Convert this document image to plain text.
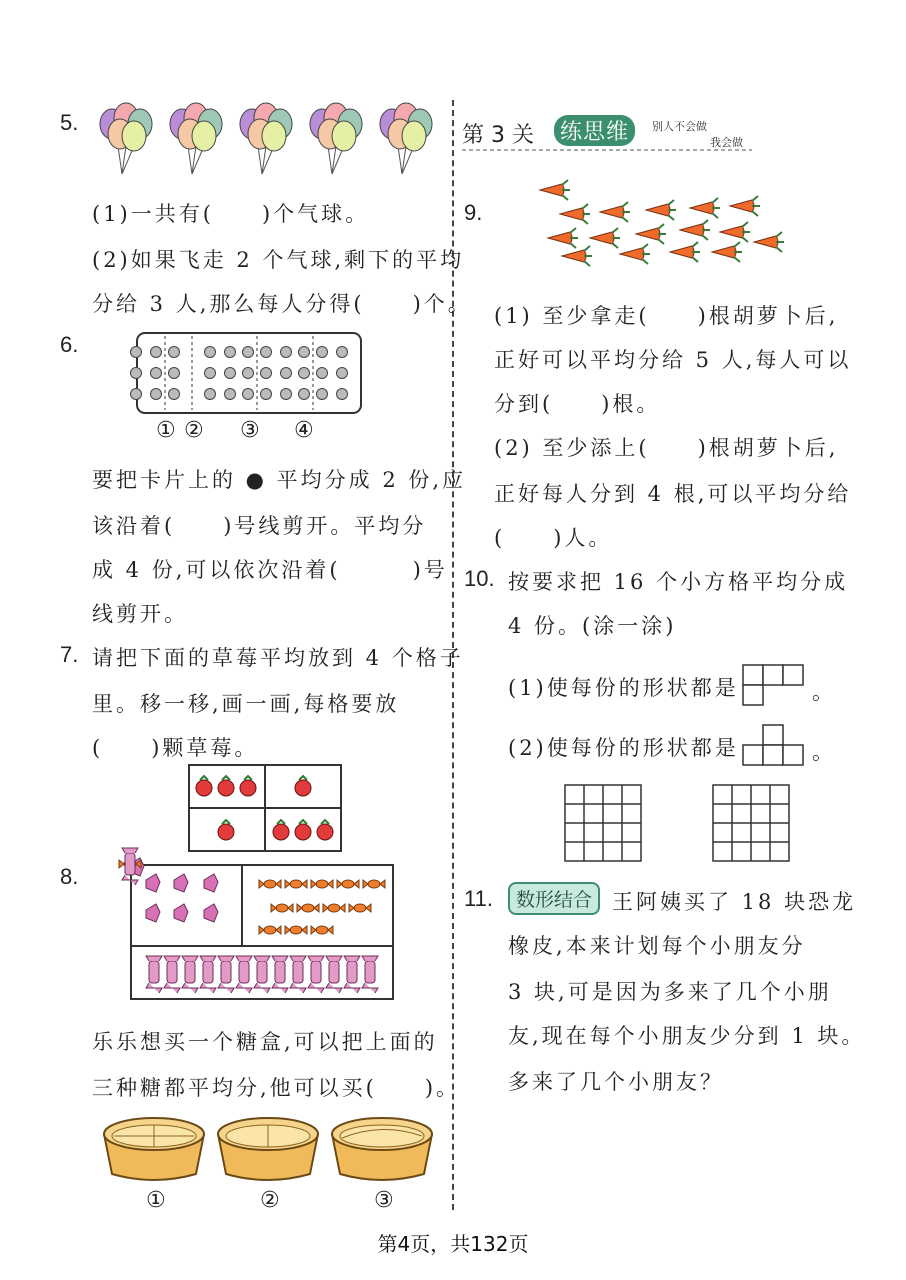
5.
(1)一共有(　　)个气球。
(2)如果飞走 2 个气球,剩下的平均
分给 3 人,那么每人分得(　　)个。
6.
① ② ③ ④
要把卡片上的 ● 平均分成 2 份,应
该沿着(　　)号线剪开。平均分
成 4 份,可以依次沿着(　　　)号
线剪开。
7. 请把下面的草莓平均放到 4 个格子
里。移一移,画一画,每格要放
(　　)颗草莓。
8.
乐乐想买一个糖盒,可以把上面的
三种糖都平均分,他可以买(　　)。
①	②	③
第 3 关 练思维	别人不会做
我会做
9.
(1) 至少拿走(　　)根胡萝卜后,
正好可以平均分给 5 人,每人可以
分到(　　)根。
(2) 至少添上(　　)根胡萝卜后,
正好每人分到 4 根,可以平均分给
(　　)人。
10. 按要求把 16 个小方格平均分成
4 份。(涂一涂)
(1)使每份的形状都是	。
(2)使每份的形状都是	。
11.	数形结合 王阿姨买了 18 块恐龙
橡皮,本来计划每个小朋友分
3 块,可是因为多来了几个小朋
友,现在每个小朋友少分到 1 块。
多来了几个小朋友？
第4页，共132页
